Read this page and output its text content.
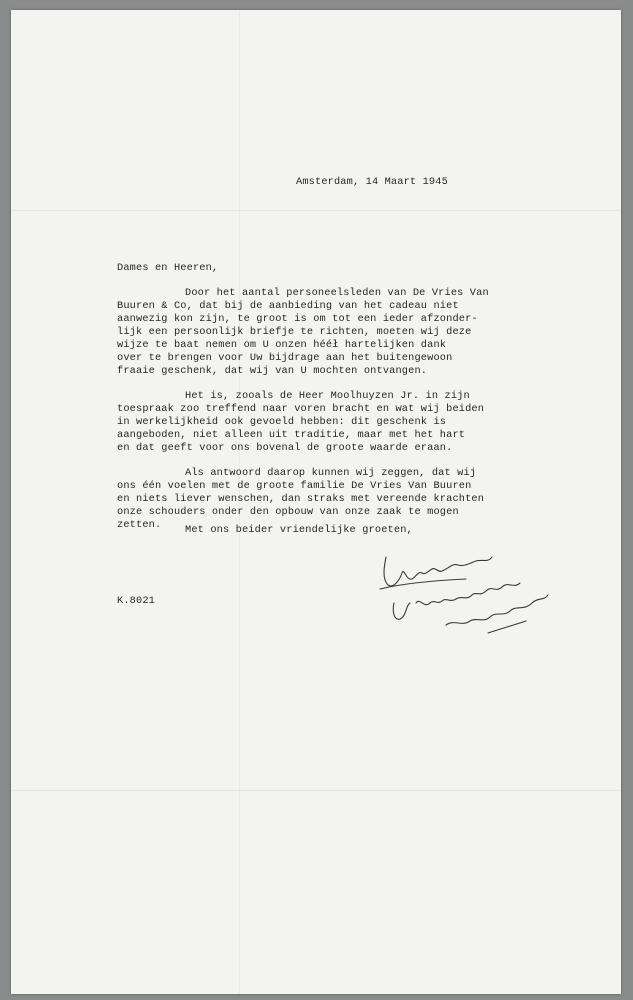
Amsterdam, 14 Maart 1945

Dames en Heeren,

Door het aantal personeelsleden van De Vries Van

Buuren & Co, dat bij de aanbieding van het cadeau niet

aanwezig kon zijn, te groot is om tot een ieder afzonder-

lijk een persoonlijk briefje te richten, moeten wij deze

wijze te baat nemen om U onzen hééł hartelijken dank

over te brengen voor Uw bijdrage aan het buitengewoon

fraaie geschenk, dat wij van U mochten ontvangen.

Het is, zooals de Heer Moolhuyzen Jr. in zijn

toespraak zoo treffend naar voren bracht en wat wij beiden

in werkelijkheid ook gevoeld hebben: dit geschenk is

aangeboden, niet alleen uit traditie, maar met het hart

en dat geeft voor ons bovenal de groote waarde eraan.

Als antwoord daarop kunnen wij zeggen, dat wij

ons één voelen met de groote familie De Vries Van Buuren

en niets liever wenschen, dan straks met vereende krachten

onze schouders onder den opbouw van onze zaak te mogen

zetten. Met ons beider vriendelijke groeten,

K.8021
